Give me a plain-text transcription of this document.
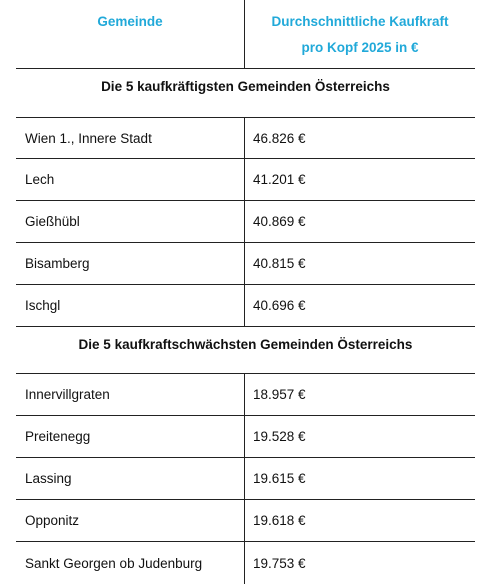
Gemeinde	Durchschnittliche Kaufkraft
pro Kopf 2025 in €
Die 5 kaufkräftigsten Gemeinden Österreichs
Wien 1., Innere Stadt	46.826 €
Lech	41.201 €
Gießhübl	40.869 €
Bisamberg	40.815 €
Ischgl	40.696 €
Die 5 kaufkraftschwächsten Gemeinden Österreichs
Innervillgraten	18.957 €
Preitenegg	19.528 €
Lassing	19.615 €
Opponitz	19.618 €
Sankt Georgen ob Judenburg	19.753 €
